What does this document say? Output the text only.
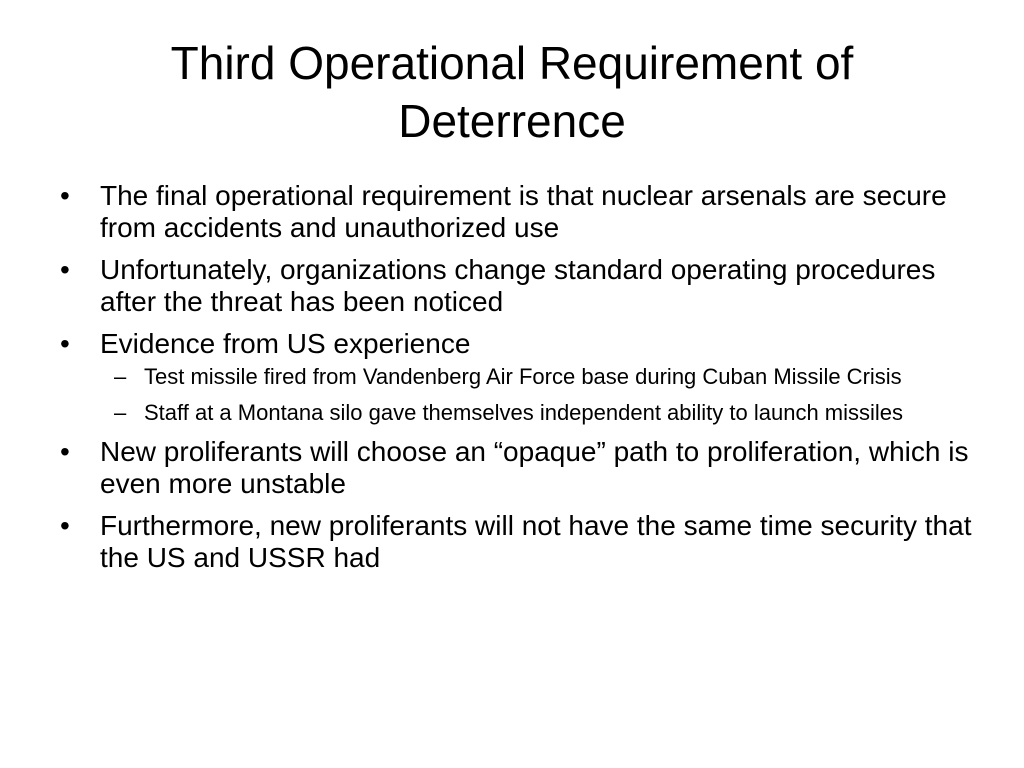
Third Operational Requirement of Deterrence
• The final operational requirement is that nuclear arsenals are secure from accidents and unauthorized use
• Unfortunately, organizations change standard operating procedures after the threat has been noticed
• Evidence from US experience
– Test missile fired from Vandenberg Air Force base during Cuban Missile Crisis
– Staff at a Montana silo gave themselves independent ability to launch missiles
• New proliferants will choose an “opaque” path to proliferation, which is even more unstable
• Furthermore, new proliferants will not have the same time security that the US and USSR had
